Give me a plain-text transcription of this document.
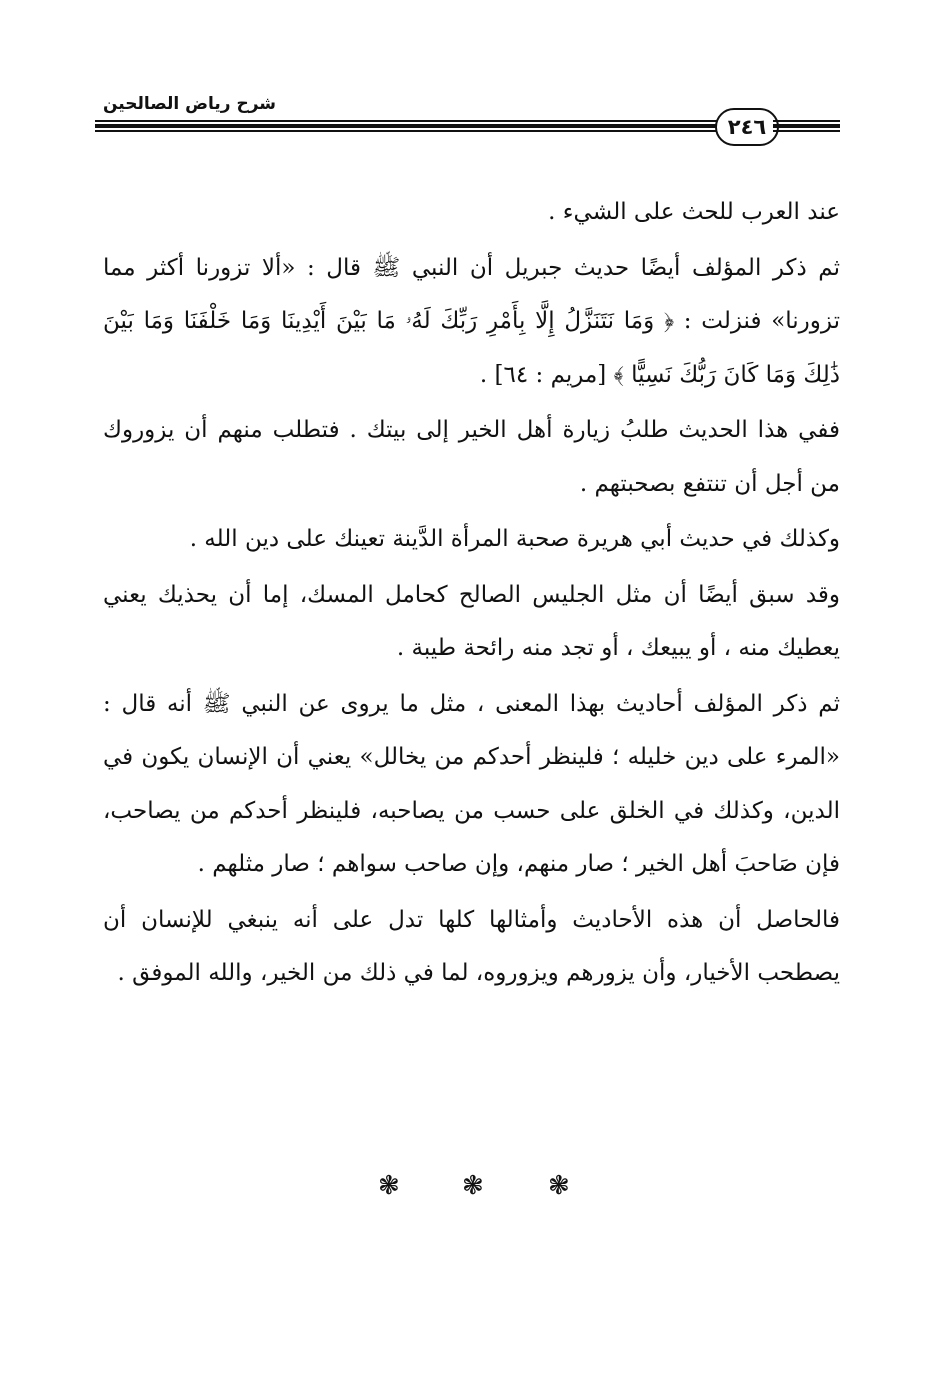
شرح رياض الصالحين
٢٤٦

عند العرب للحث على الشيء .

ثم ذكر المؤلف أيضًا حديث جبريل أن النبي ﷺ قال : «ألا تزورنا أكثر مما تزورنا» فنزلت : ﴿ وَمَا نَتَنَزَّلُ إِلَّا بِأَمْرِ رَبِّكَ لَهُۥ مَا بَيْنَ أَيْدِينَا وَمَا خَلْفَنَا وَمَا بَيْنَ ذَٰلِكَ وَمَا كَانَ رَبُّكَ نَسِيًّا ﴾ [مريم : ٦٤] .

ففي هذا الحديث طلبُ زيارة أهل الخير إلى بيتك . فتطلب منهم أن يزوروك من أجل أن تنتفع بصحبتهم .

وكذلك في حديث أبي هريرة صحبة المرأة الدَّينة تعينك على دين الله .

وقد سبق أيضًا أن مثل الجليس الصالح كحامل المسك، إما أن يحذيك يعني يعطيك منه ، أو يبيعك ، أو تجد منه رائحة طيبة .

ثم ذكر المؤلف أحاديث بهذا المعنى ، مثل ما يروى عن النبي ﷺ أنه قال : «المرء على دين خليله ؛ فلينظر أحدكم من يخالل» يعني أن الإنسان يكون في الدين، وكذلك في الخلق على حسب من يصاحبه، فلينظر أحدكم من يصاحب، فإن صَاحبَ أهل الخير ؛ صار منهم، وإن صاحب سواهم ؛ صار مثلهم .

فالحاصل أن هذه الأحاديث وأمثالها كلها تدل على أنه ينبغي للإنسان أن يصطحب الأخيار، وأن يزورهم ويزوروه، لما في ذلك من الخير، والله الموفق .

❃ ❃ ❃
